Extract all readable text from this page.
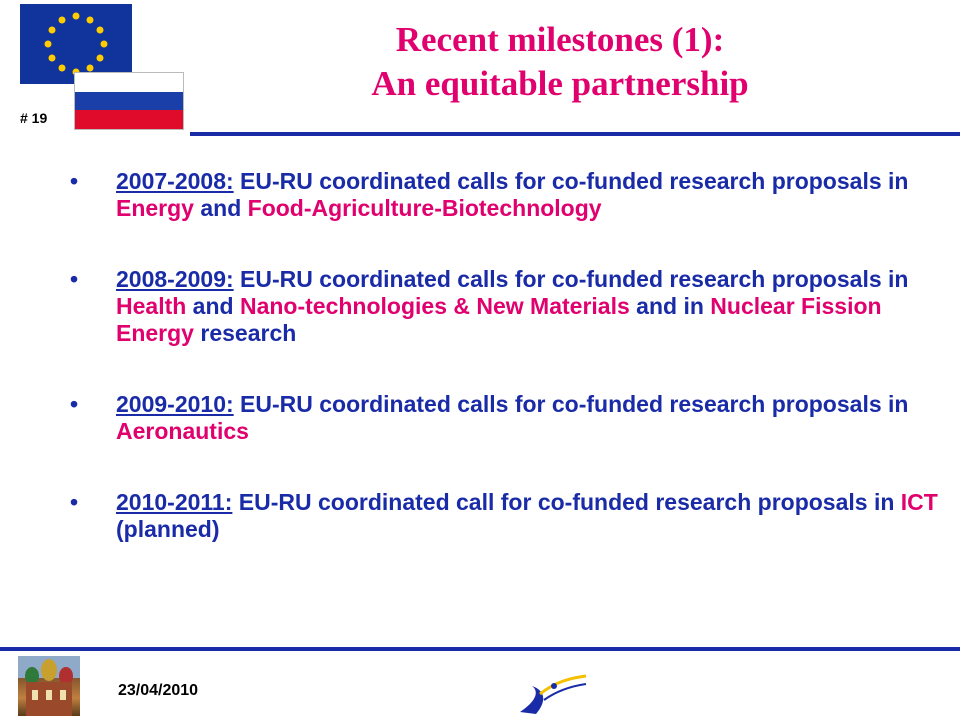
# 19
Recent milestones (1):
An equitable partnership
• 2007-2008: EU-RU coordinated calls for co-funded research proposals in Energy and Food-Agriculture-Biotechnology
• 2008-2009: EU-RU coordinated calls for co-funded research proposals in Health and Nano-technologies & New Materials and in Nuclear Fission Energy research
• 2009-2010: EU-RU coordinated calls for co-funded research proposals in Aeronautics
• 2010-2011: EU-RU coordinated call for co-funded research proposals in ICT (planned)
23/04/2010
